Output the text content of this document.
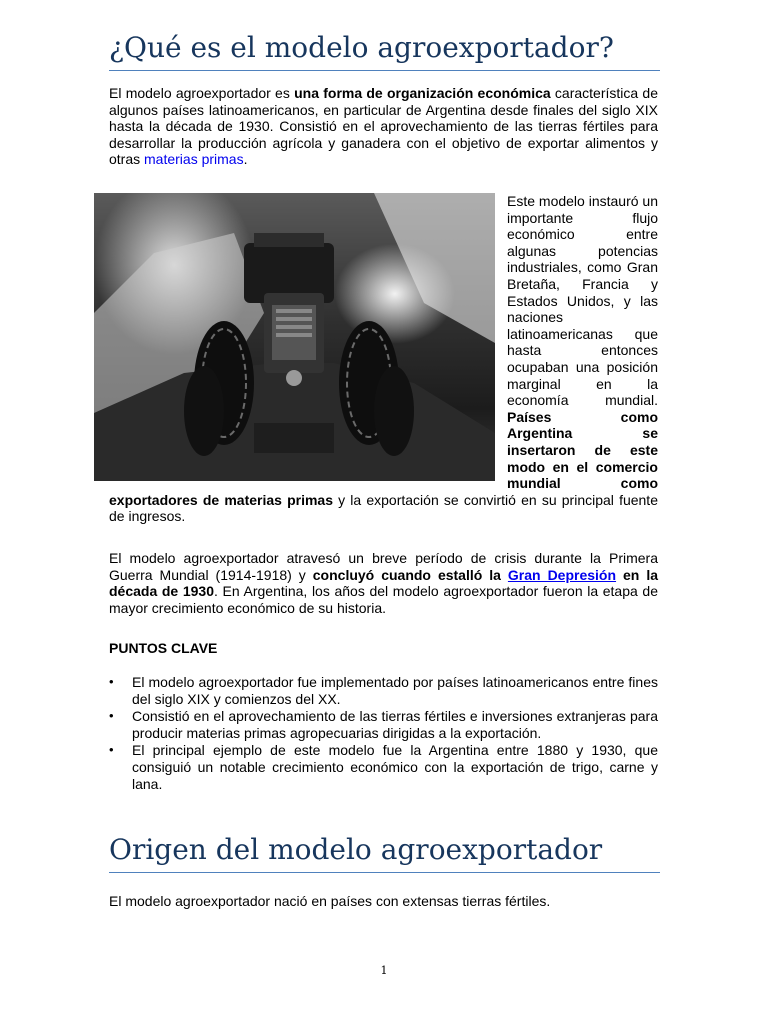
¿Qué es el modelo agroexportador?

El modelo agroexportador es una forma de organización económica característica de algunos países latinoamericanos, en particular de Argentina desde finales del siglo XIX hasta la década de 1930. Consistió en el aprovechamiento de las tierras fértiles para desarrollar la producción agrícola y ganadera con el objetivo de exportar alimentos y otras materias primas.

Este modelo instauró un importante flujo económico entre algunas potencias industriales, como Gran Bretaña, Francia y Estados Unidos, y las naciones latinoamericanas que hasta entonces ocupaban una posición marginal en la economía mundial. Países como Argentina se insertaron de este modo en el comercio mundial como exportadores de materias primas y la exportación se convirtió en su principal fuente de ingresos.

El modelo agroexportador atravesó un breve período de crisis durante la Primera Guerra Mundial (1914-1918) y concluyó cuando estalló la Gran Depresión en la década de 1930. En Argentina, los años del modelo agroexportador fueron la etapa de mayor crecimiento económico de su historia.

PUNTOS CLAVE
• El modelo agroexportador fue implementado por países latinoamericanos entre fines del siglo XIX y comienzos del XX.
• Consistió en el aprovechamiento de las tierras fértiles e inversiones extranjeras para producir materias primas agropecuarias dirigidas a la exportación.
• El principal ejemplo de este modelo fue la Argentina entre 1880 y 1930, que consiguió un notable crecimiento económico con la exportación de trigo, carne y lana.
Origen del modelo agroexportador

El modelo agroexportador nació en países con extensas tierras fértiles.

1
